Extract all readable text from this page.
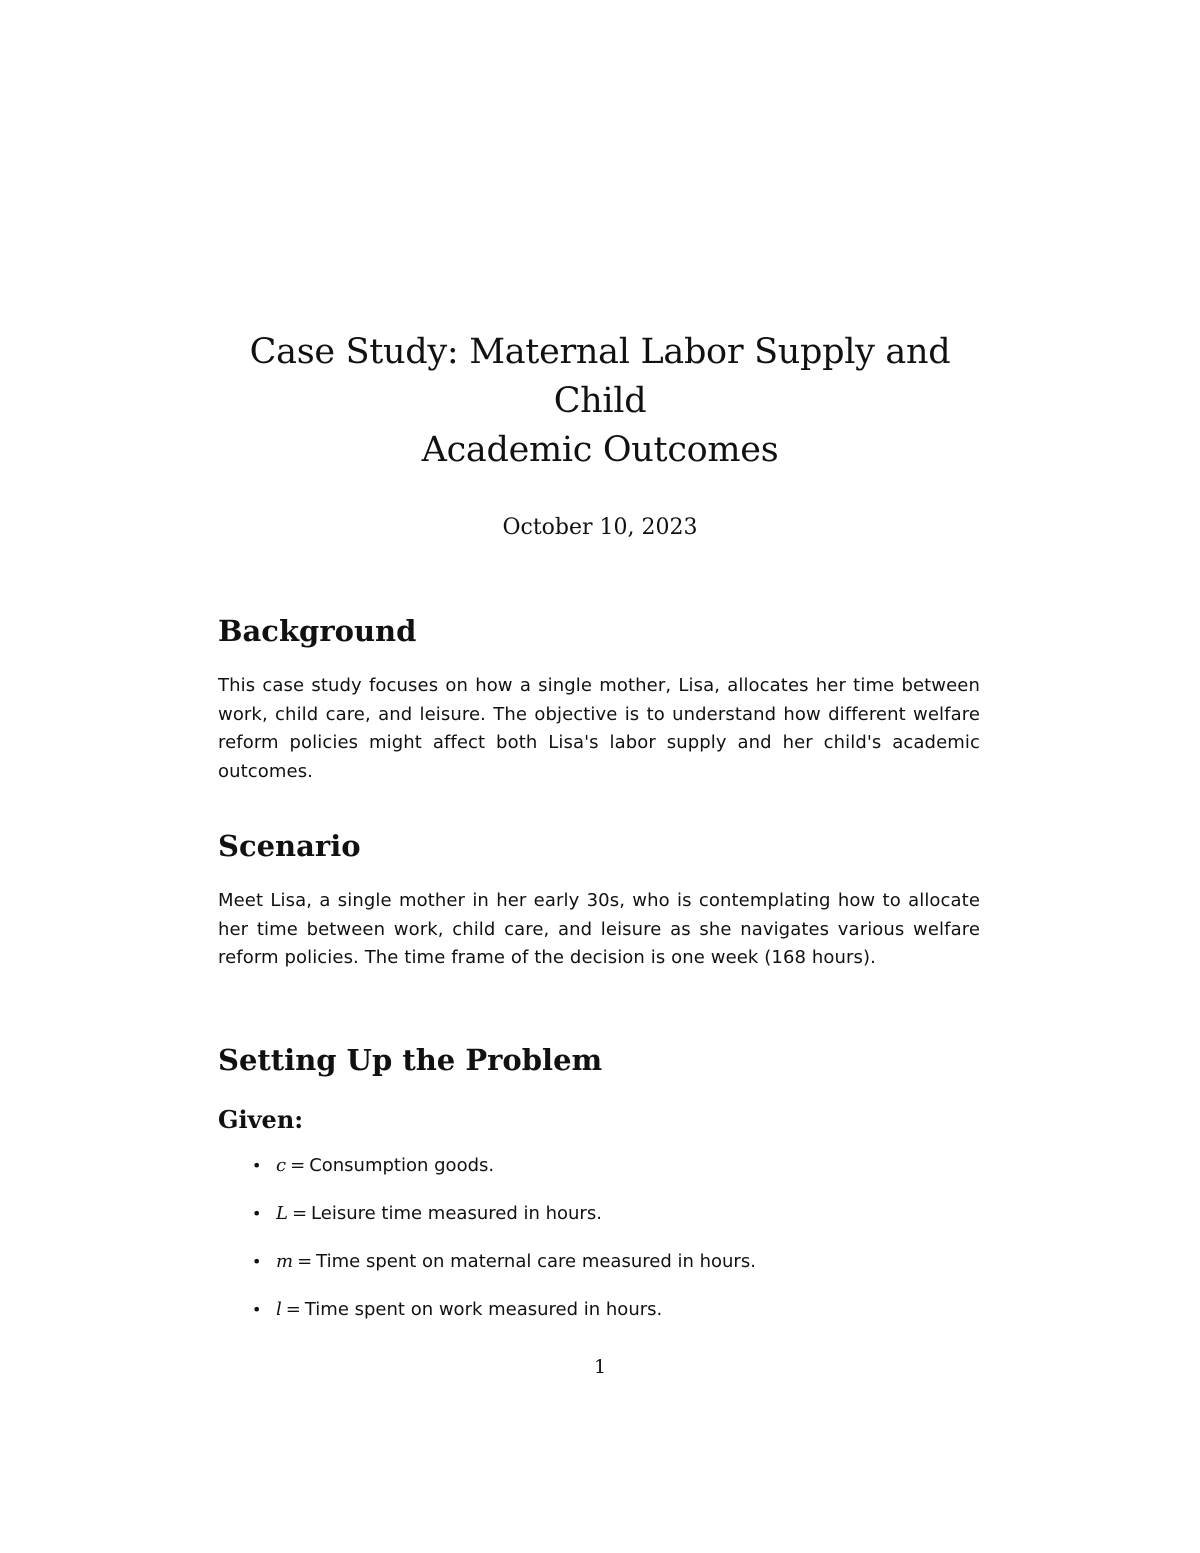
Case Study: Maternal Labor Supply and Child
Academic Outcomes

October 10, 2023

Background

This case study focuses on how a single mother, Lisa, allocates her time between work, child care, and leisure. The objective is to understand how different welfare reform policies might affect both Lisa's labor supply and her child's academic outcomes.

Scenario

Meet Lisa, a single mother in her early 30s, who is contemplating how to allocate her time between work, child care, and leisure as she navigates various welfare reform policies. The time frame of the decision is one week (168 hours).

Setting Up the Problem
Given:
• c = Consumption goods.
• L = Leisure time measured in hours.
• m = Time spent on maternal care measured in hours.
• l = Time spent on work measured in hours.

1
